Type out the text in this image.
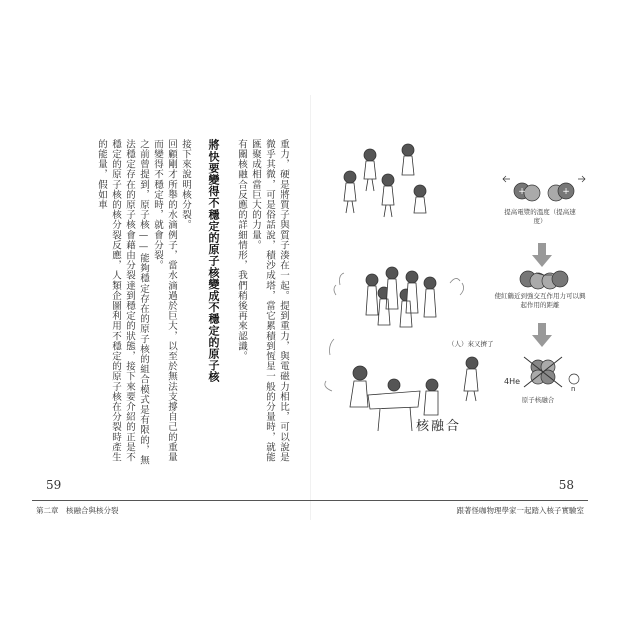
重力，硬是將質子與質子湊在一起。提到重力，與電磁力相比，可以說是微乎其微，可是俗話說，積沙成塔，當它累積到恆星一般的分量時，就能匯聚成相當巨大的力量。

有關核融合反應的詳細情形，我們稍後再來認識。

將快要變得不穩定的原子核變成不穩定的原子核

接下來說明核分裂。

回顧剛才所舉的水滴例子，當水滴過於巨大，以至於無法支撐自己的重量而變得不穩定時，就會分裂。

之前曾提到，原子核——能夠穩定存在的原子核的組合模式是有限的，無法穩定存在的原子核會藉由分裂達到穩定的狀態，接下來要介紹的正是不穩定的原子核的核分裂反應，人類企圖利用不穩定的原子核在分裂時產生的能量，假如車

59
第二章　核融合與核分裂
+	+
提高電漿的溫度（提高速度）
使紅鶴近到強交互作用力可以興起作用的距離
原子核融合
4He
n
（人）來又擠了
核融合
58
跟著怪咖物理學家一起踏入核子實驗室
